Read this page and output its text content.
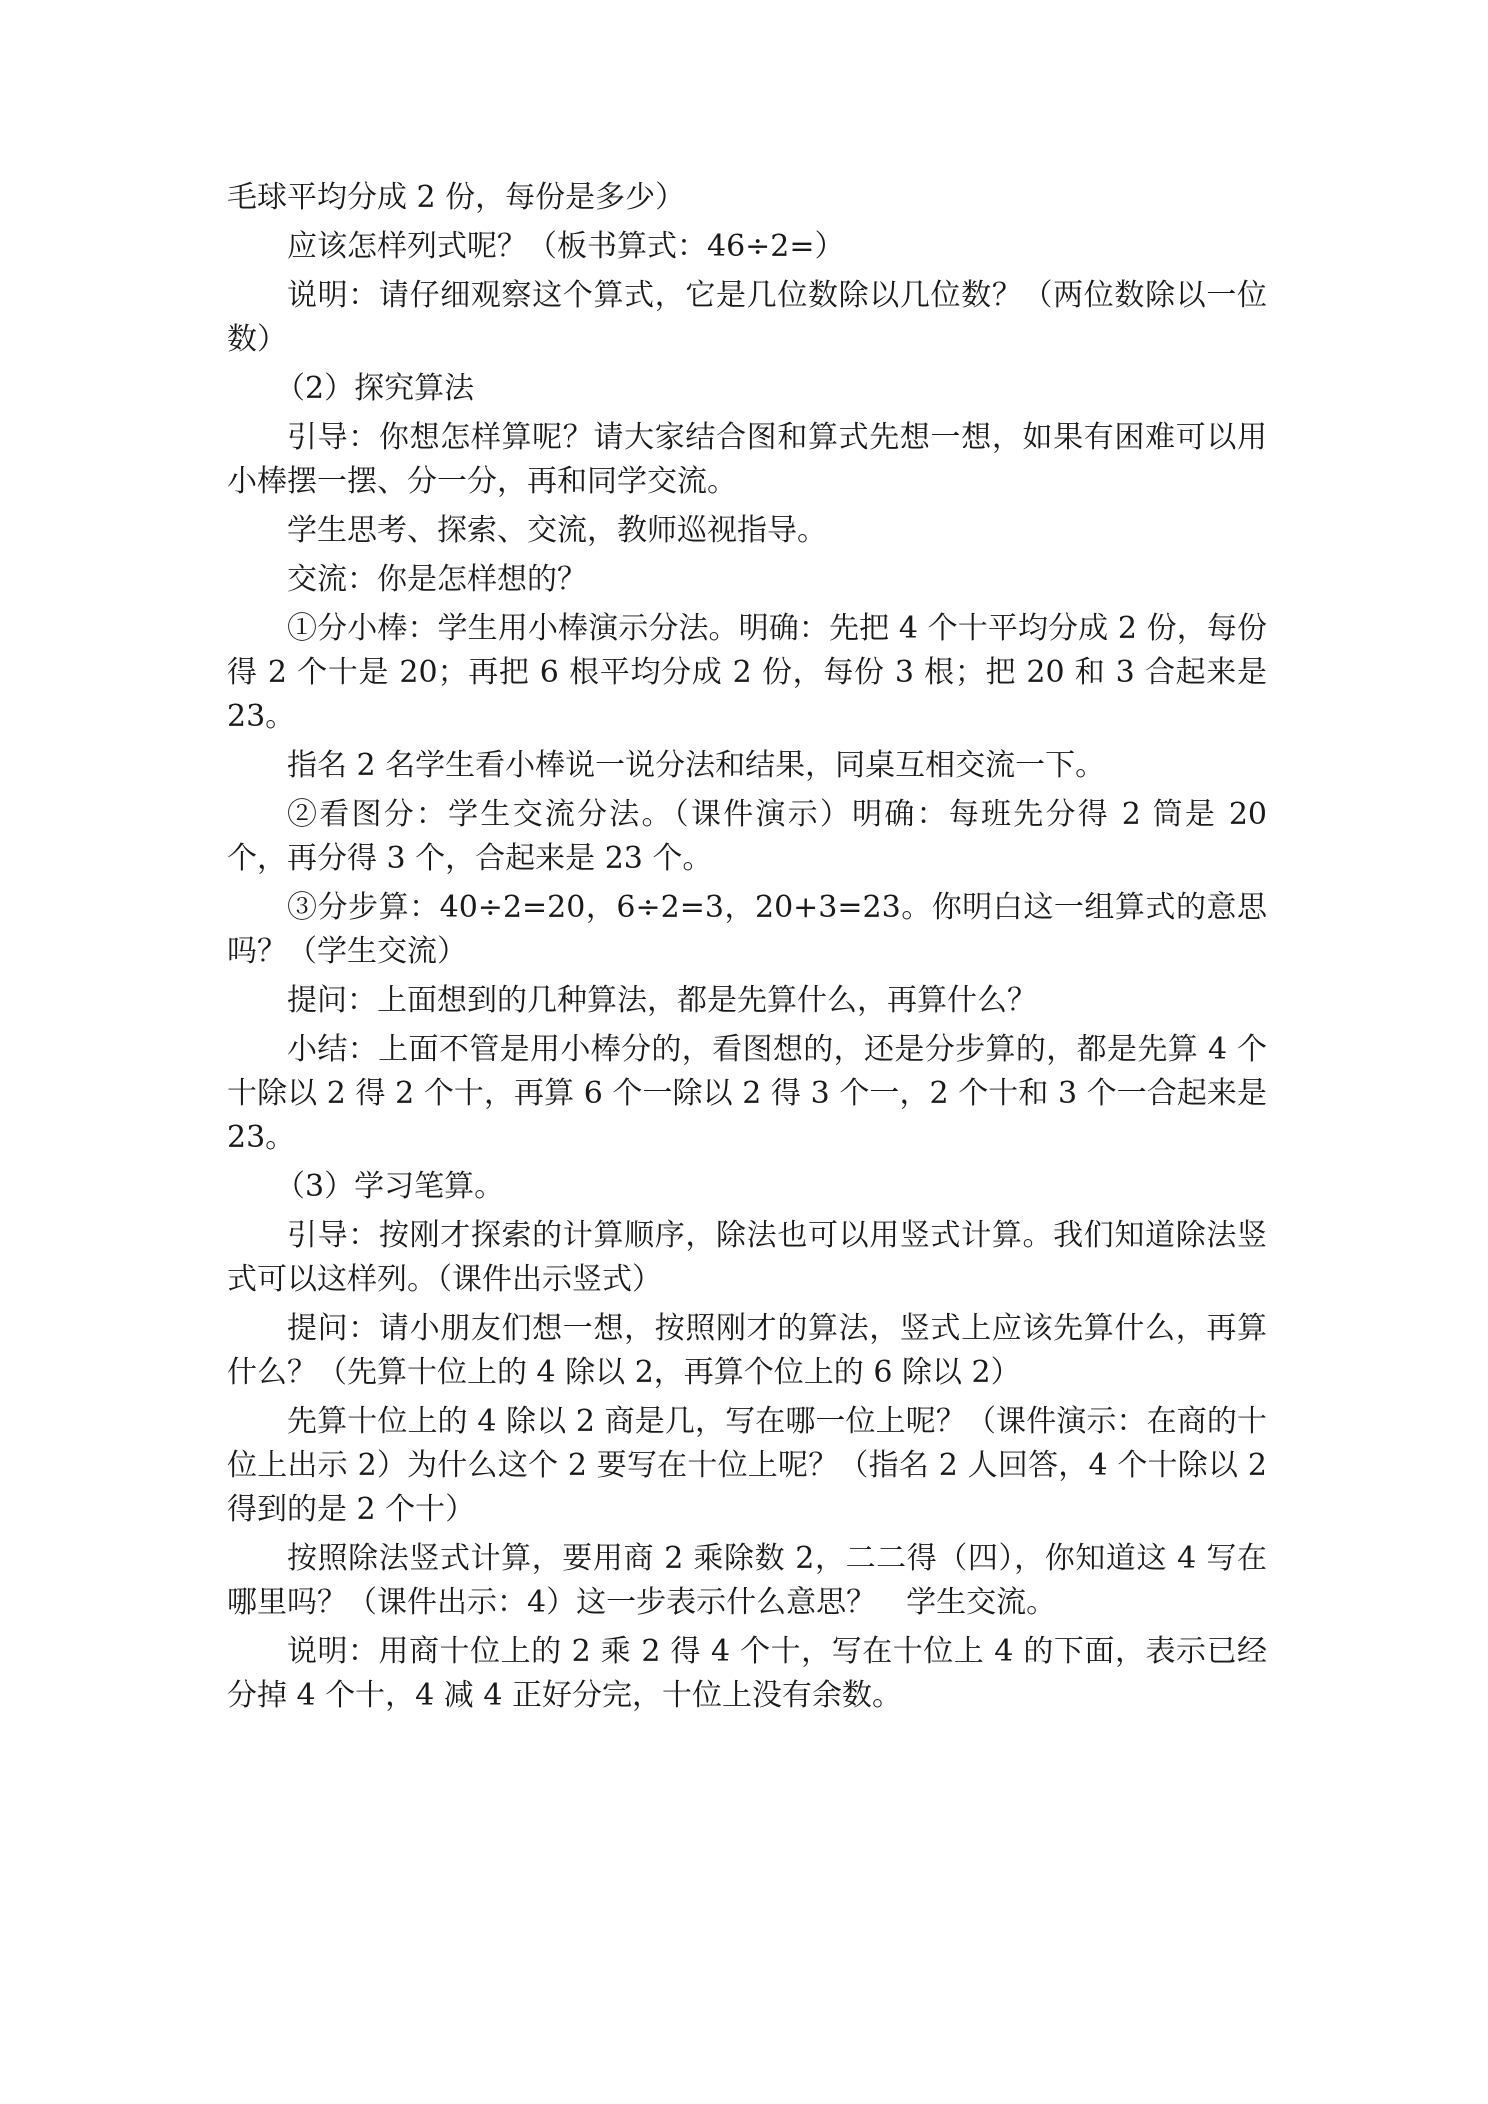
毛球平均分成 2 份，每份是多少）

应该怎样列式呢？（板书算式：46÷2=）

说明：请仔细观察这个算式，它是几位数除以几位数？（两位数除以一位数）

（2）探究算法

引导：你想怎样算呢？请大家结合图和算式先想一想，如果有困难可以用小棒摆一摆、分一分，再和同学交流。

学生思考、探索、交流，教师巡视指导。

交流：你是怎样想的？

①分小棒：学生用小棒演示分法。明确：先把 4 个十平均分成 2 份，每份得 2 个十是 20；再把 6 根平均分成 2 份，每份 3 根；把 20 和 3 合起来是 23。

指名 2 名学生看小棒说一说分法和结果，同桌互相交流一下。

②看图分：学生交流分法。（课件演示）明确：每班先分得 2 筒是 20 个，再分得 3 个，合起来是 23 个。

③分步算：40÷2=20，6÷2=3，20+3=23。你明白这一组算式的意思吗？（学生交流）

提问：上面想到的几种算法，都是先算什么，再算什么？

小结：上面不管是用小棒分的，看图想的，还是分步算的，都是先算 4 个十除以 2 得 2 个十，再算 6 个一除以 2 得 3 个一，2 个十和 3 个一合起来是 23。

（3）学习笔算。

引导：按刚才探索的计算顺序，除法也可以用竖式计算。我们知道除法竖式可以这样列。（课件出示竖式）

提问：请小朋友们想一想，按照刚才的算法，竖式上应该先算什么，再算什么？（先算十位上的 4 除以 2，再算个位上的 6 除以 2）

先算十位上的 4 除以 2 商是几，写在哪一位上呢？（课件演示：在商的十位上出示 2）为什么这个 2 要写在十位上呢？（指名 2 人回答，4 个十除以 2 得到的是 2 个十）

按照除法竖式计算，要用商 2 乘除数 2，二二得（四），你知道这 4 写在哪里吗？（课件出示：4）这一步表示什么意思？　学生交流。

说明：用商十位上的 2 乘 2 得 4 个十，写在十位上 4 的下面，表示已经分掉 4 个十，4 减 4 正好分完，十位上没有余数。
